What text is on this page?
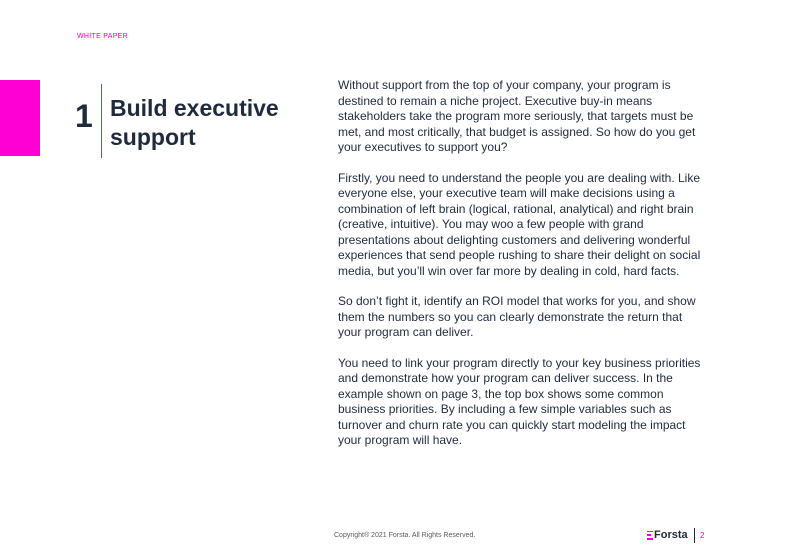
WHITE PAPER
1 Build executive support

Without support from the top of your company, your program is destined to remain a niche project. Executive buy-in means stakeholders take the program more seriously, that targets must be met, and most critically, that budget is assigned. So how do you get your executives to support you?

Firstly, you need to understand the people you are dealing with. Like everyone else, your executive team will make decisions using a combination of left brain (logical, rational, analytical) and right brain (creative, intuitive). You may woo a few people with grand presentations about delighting customers and delivering wonderful experiences that send people rushing to share their delight on social media, but you’ll win over far more by dealing in cold, hard facts.

So don’t fight it, identify an ROI model that works for you, and show them the numbers so you can clearly demonstrate the return that your program can deliver.

You need to link your program directly to your key business priorities and demonstrate how your program can deliver success. In the example shown on page 3, the top box shows some common business priorities. By including a few simple variables such as turnover and churn rate you can quickly start modeling the impact your program will have.

Copyright® 2021 Forsta. All Rights Reserved.	Forsta 2
